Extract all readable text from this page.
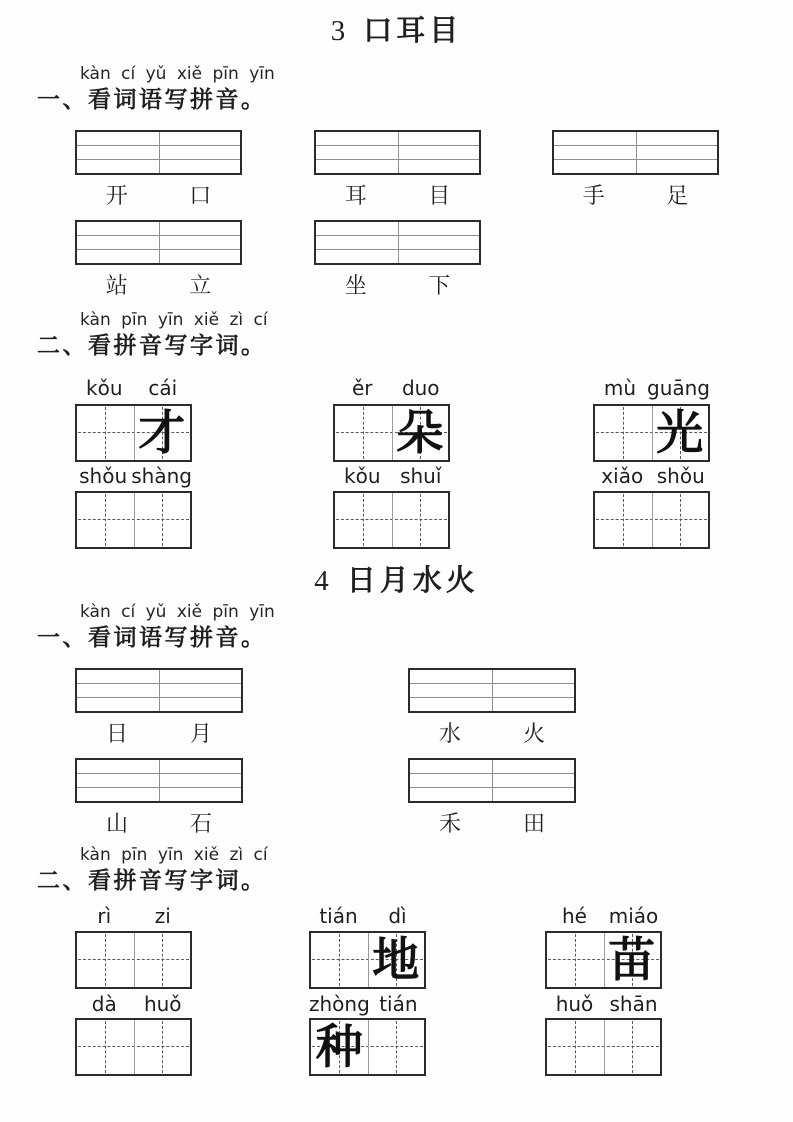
3 口耳目
kàn cí yǔ xiě pīn yīn
一、看词语写拼音。
开	口	耳	目	手	足
站	立	坐	下
kàn pīn yīn xiě zì cí
二、看拼音写字词。
kǒu	cái	ěr	duo	mù guāng
才	朵	光
shǒu shàng	kǒu shuǐ	xiǎo shǒu
4 日月水火
kàn cí yǔ xiě pīn yīn
一、看词语写拼音。
日	月	水	火
山	石	禾	田
kàn pīn yīn xiě zì cí
二、看拼音写字词。
rì	zi	tián	dì	hé	miáo
地	苗
dà	huǒ	zhòng tián	huǒ shān
种
